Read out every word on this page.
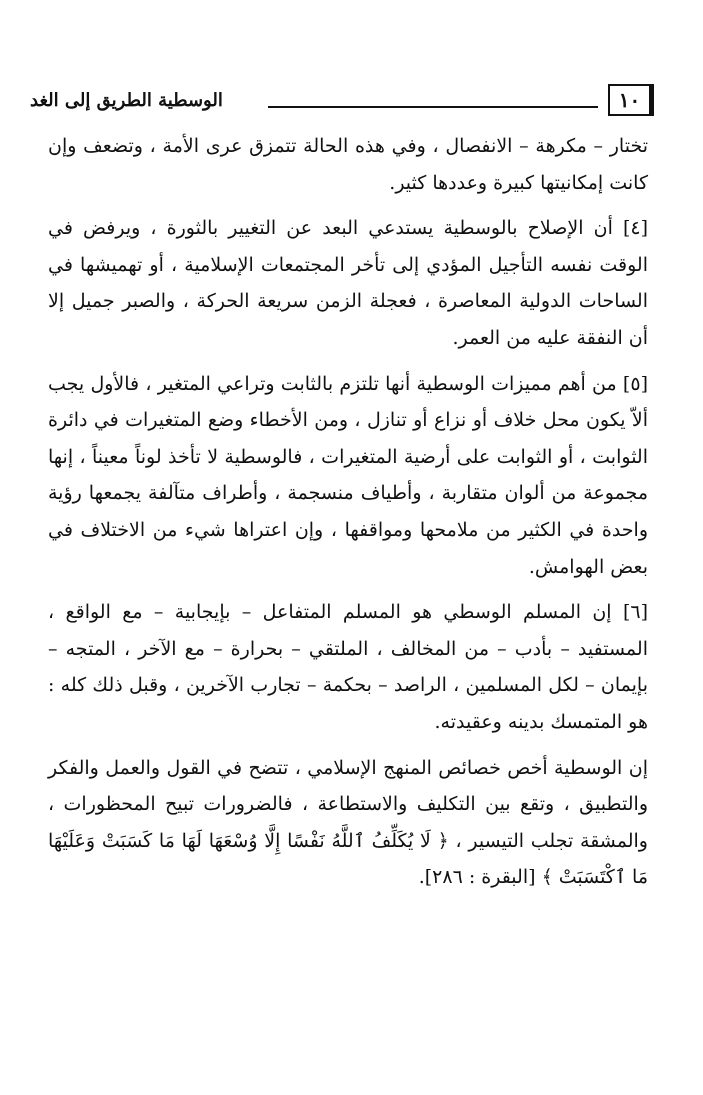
١٠
الوسطية الطريق إلى الغد

تختار – مكرهة – الانفصال ، وفي هذه الحالة تتمزق عرى الأمة ، وتضعف وإن كانت إمكانيتها كبيرة وعددها كثير.

[٤] أن الإصلاح بالوسطية يستدعي البعد عن التغيير بالثورة ، ويرفض في الوقت نفسه التأجيل المؤدي إلى تأخر المجتمعات الإسلامية ، أو تهميشها في الساحات الدولية المعاصرة ، فعجلة الزمن سريعة الحركة ، والصبر جميل إلا أن النفقة عليه من العمر.

[٥] من أهم مميزات الوسطية أنها تلتزم بالثابت وتراعي المتغير ، فالأول يجب ألاّ يكون محل خلاف أو نزاع أو تنازل ، ومن الأخطاء وضع المتغيرات في دائرة الثوابت ، أو الثوابت على أرضية المتغيرات ، فالوسطية لا تأخذ لوناً معيناً ، إنها مجموعة من ألوان متقاربة ، وأطياف منسجمة ، وأطراف متآلفة يجمعها رؤية واحدة في الكثير من ملامحها ومواقفها ، وإن اعتراها شيء من الاختلاف في بعض الهوامش.

[٦] إن المسلم الوسطي هو المسلم المتفاعل – بإيجابية – مع الواقع ، المستفيد – بأدب – من المخالف ، الملتقي – بحرارة – مع الآخر ، المتجه – بإيمان – لكل المسلمين ، الراصد – بحكمة – تجارب الآخرين ، وقبل ذلك كله : هو المتمسك بدينه وعقيدته.

إن الوسطية أخص خصائص المنهج الإسلامي ، تتضح في القول والعمل والفكر والتطبيق ، وتقع بين التكليف والاستطاعة ، فالضرورات تبيح المحظورات ، والمشقة تجلب التيسير ، ﴿ لَا يُكَلِّفُ ٱللَّهُ نَفْسًا إِلَّا وُسْعَهَا لَهَا مَا كَسَبَتْ وَعَلَيْهَا مَا ٱكْتَسَبَتْ ﴾ [البقرة : ٢٨٦].
